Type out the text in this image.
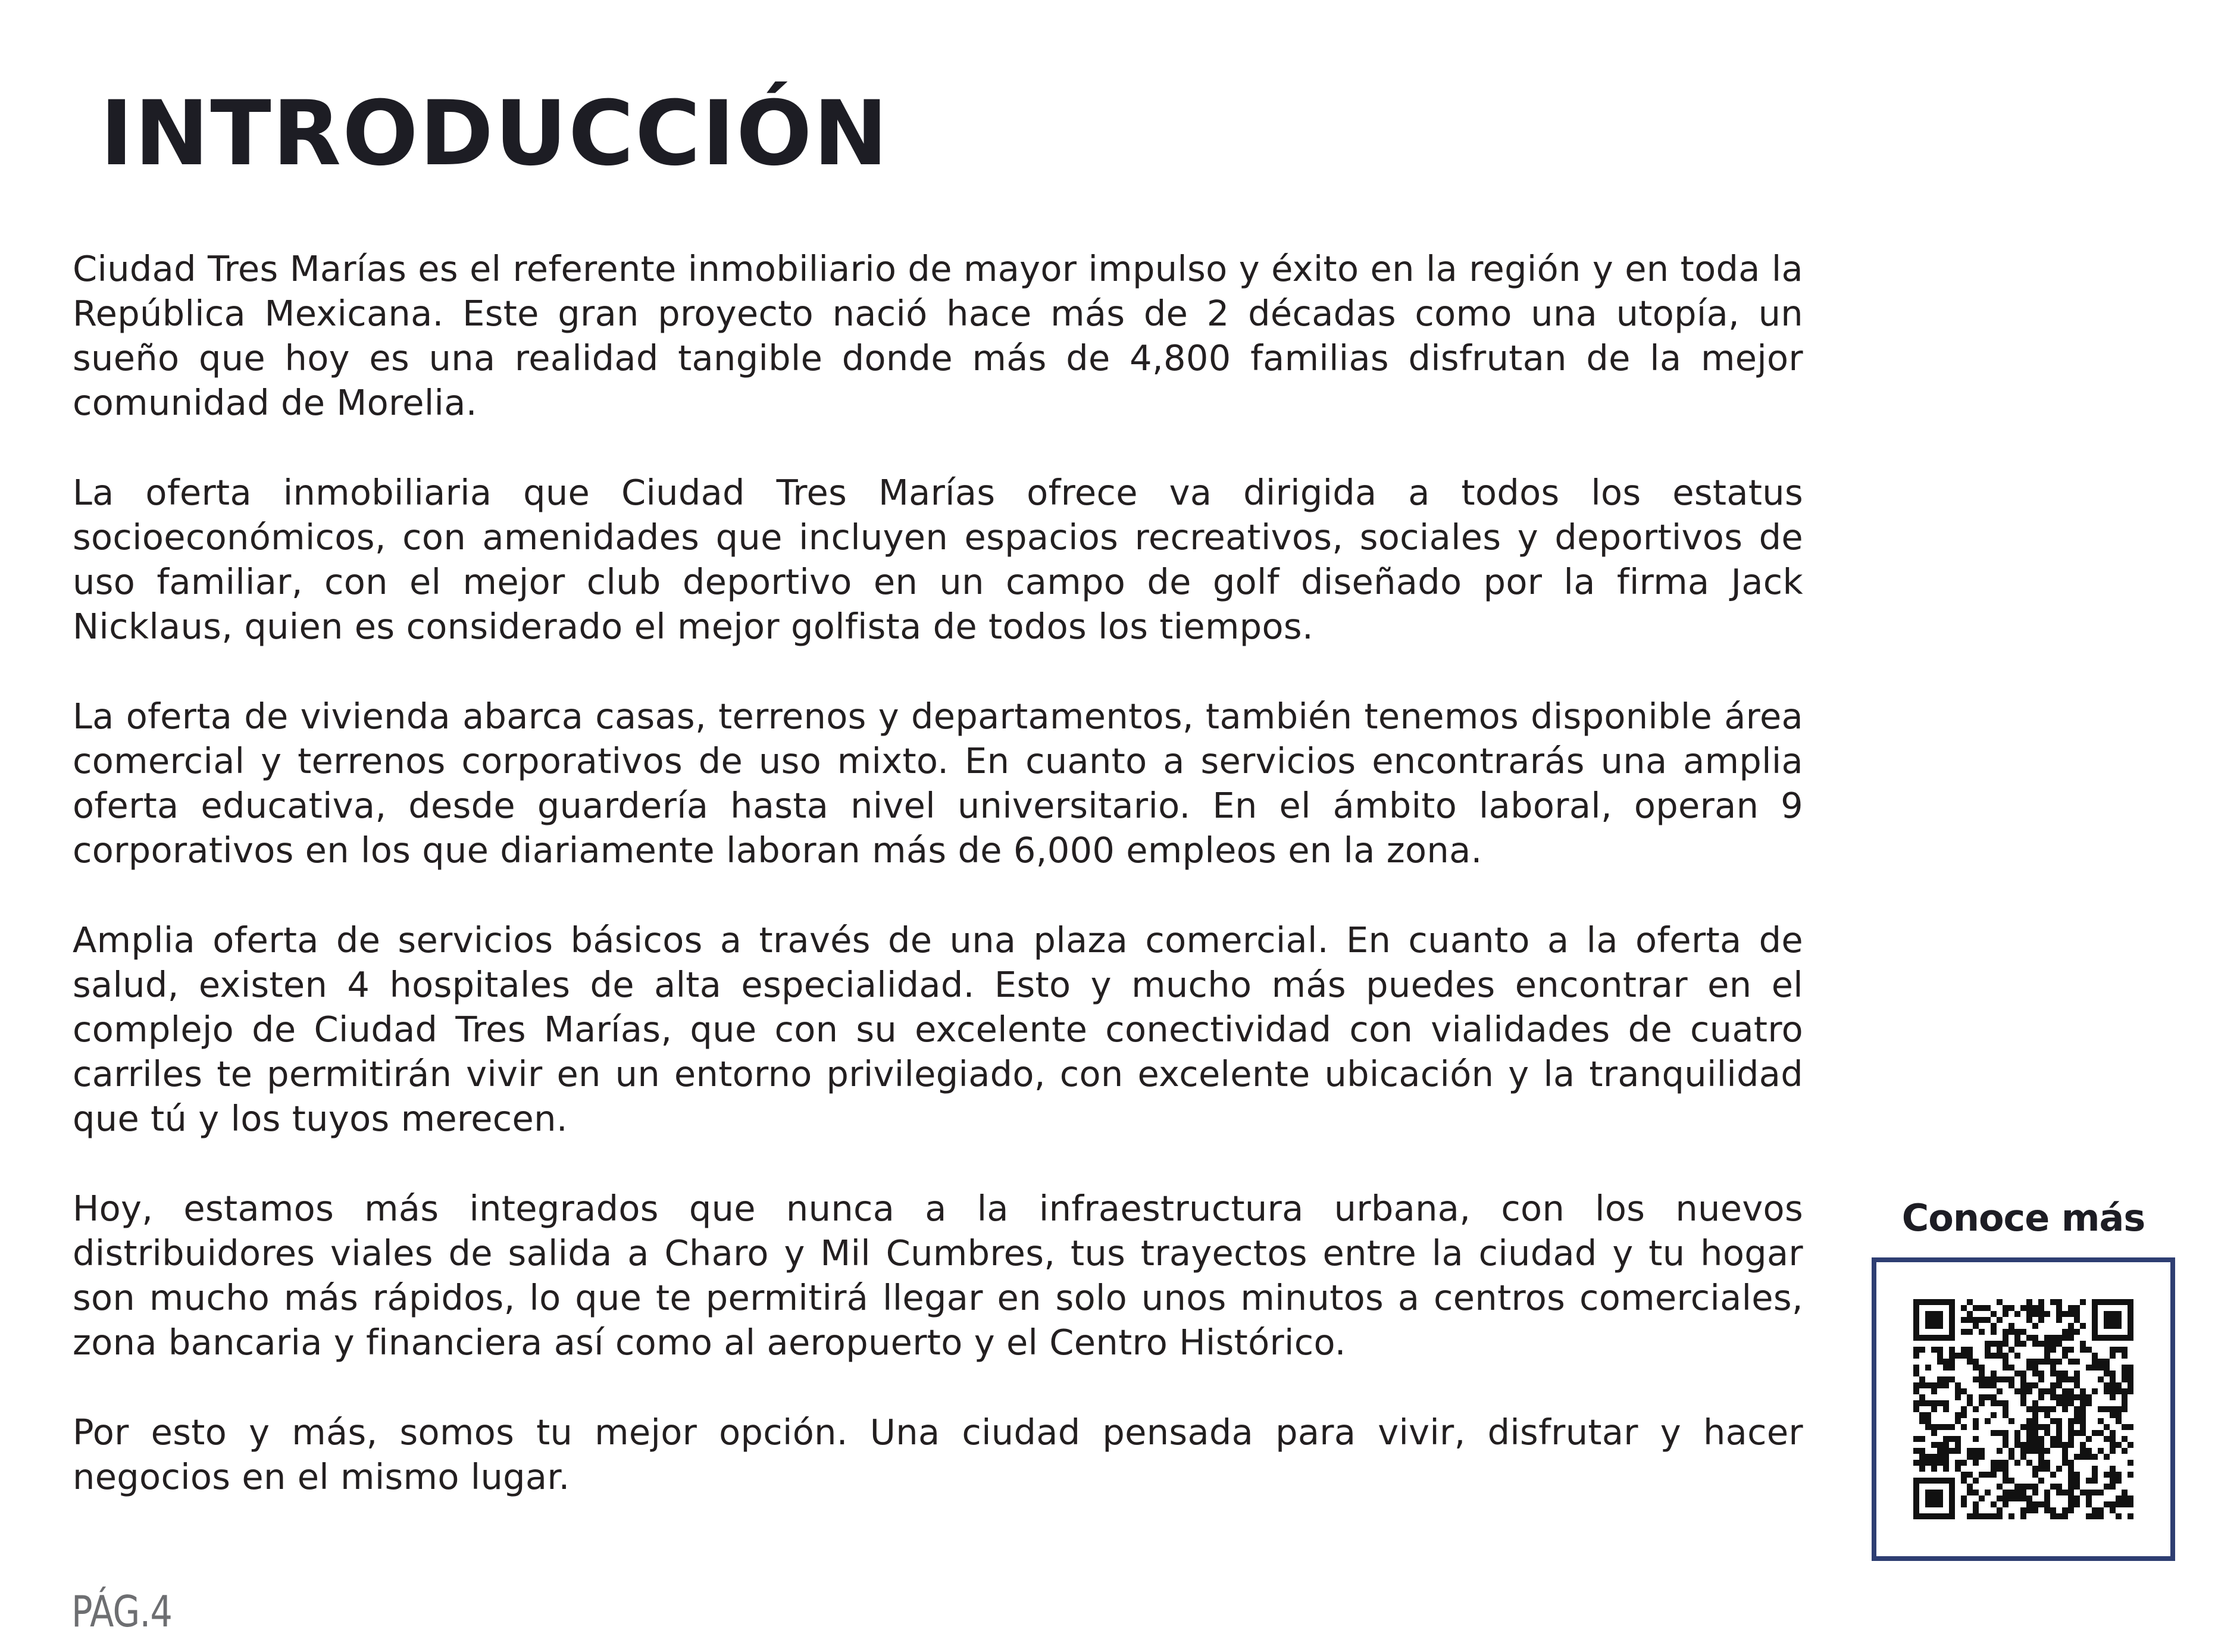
INTRODUCCIÓN

Ciudad Tres Marías es el referente inmobiliario de mayor impulso y éxito en la región y en toda la República Mexicana. Este gran proyecto nació hace más de 2 décadas como una utopía, un sueño que hoy es una realidad tangible donde más de 4,800 familias disfrutan de la mejor comunidad de Morelia.

La oferta inmobiliaria que Ciudad Tres Marías ofrece va dirigida a todos los estatus socioeconómicos, con amenidades que incluyen espacios recreativos, sociales y deportivos de uso familiar, con el mejor club deportivo en un campo de golf diseñado por la firma Jack Nicklaus, quien es considerado el mejor golfista de todos los tiempos.

La oferta de vivienda abarca casas, terrenos y departamentos, también tenemos disponible área comercial y terrenos corporativos de uso mixto. En cuanto a servicios encontrarás una amplia oferta educativa, desde guardería hasta nivel universitario. En el ámbito laboral, operan 9 corporativos en los que diariamente laboran más de 6,000 empleos en la zona.

Amplia oferta de servicios básicos a través de una plaza comercial. En cuanto a la oferta de salud, existen 4 hospitales de alta especialidad. Esto y mucho más puedes encontrar en el complejo de Ciudad Tres Marías, que con su excelente conectividad con vialidades de cuatro carriles te permitirán vivir en un entorno privilegiado, con excelente ubicación y la tranquilidad que tú y los tuyos merecen.

Hoy, estamos más integrados que nunca a la infraestructura urbana, con los nuevos distribuidores viales de salida a Charo y Mil Cumbres, tus trayectos entre la ciudad y tu hogar son mucho más rápidos, lo que te permitirá llegar en solo unos minutos a centros comerciales, zona bancaria y financiera así como al aeropuerto y el Centro Histórico.

Por esto y más, somos tu mejor opción. Una ciudad pensada para vivir, disfrutar y hacer negocios en el mismo lugar.

Conoce más
PÁG.4
